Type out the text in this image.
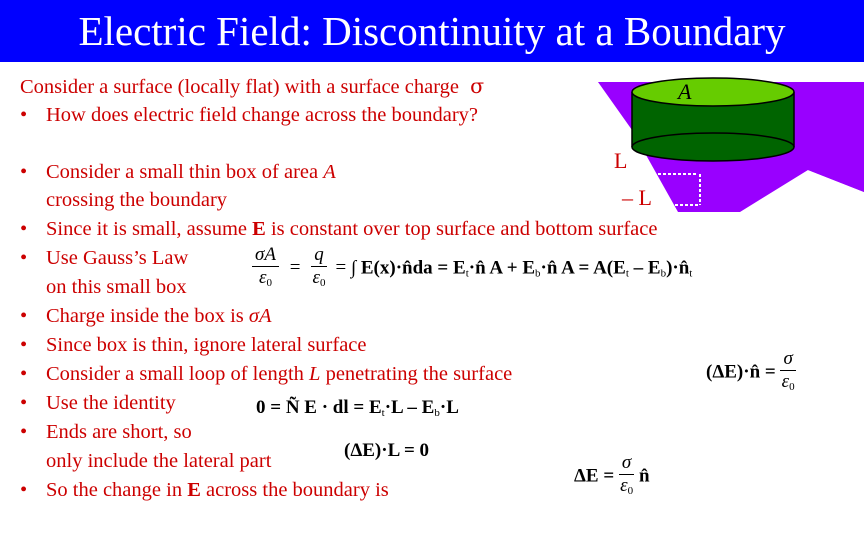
Electric Field: Discontinuity at a Boundary
Consider a surface (locally flat) with a surface charge σ
• How does electric field change across the boundary?
A
L
– L
• Consider a small thin box of area A
crossing the boundary
• Since it is small, assume E is constant over top surface and bottom surface
• Use Gauss’s Law
on this small box
• Charge inside the box is σA
• Since box is thin, ignore lateral surface
• Consider a small loop of length L penetrating the surface
• Use the identity
• Ends are short, so
only include the lateral part
• So the change in E across the boundary is
$\frac{\sigma A}{\varepsilon_0} = \frac{q}{\varepsilon_0}$ = ∫ E(x)·n̂da = $E_t\cdot n̂$ $A + E_b\cdot n̂$ $A = A(E_t$ – $E_b)\cdot n̂_t$
(ΔE)·n̂ = $\frac{\sigma}{\varepsilon_0}$
0 = Ñ E · dl = $E_t\cdot L - E_b\cdot L$
(ΔE)·L = 0
$\Delta E = \frac{\sigma}{\varepsilon_0}$ n̂
